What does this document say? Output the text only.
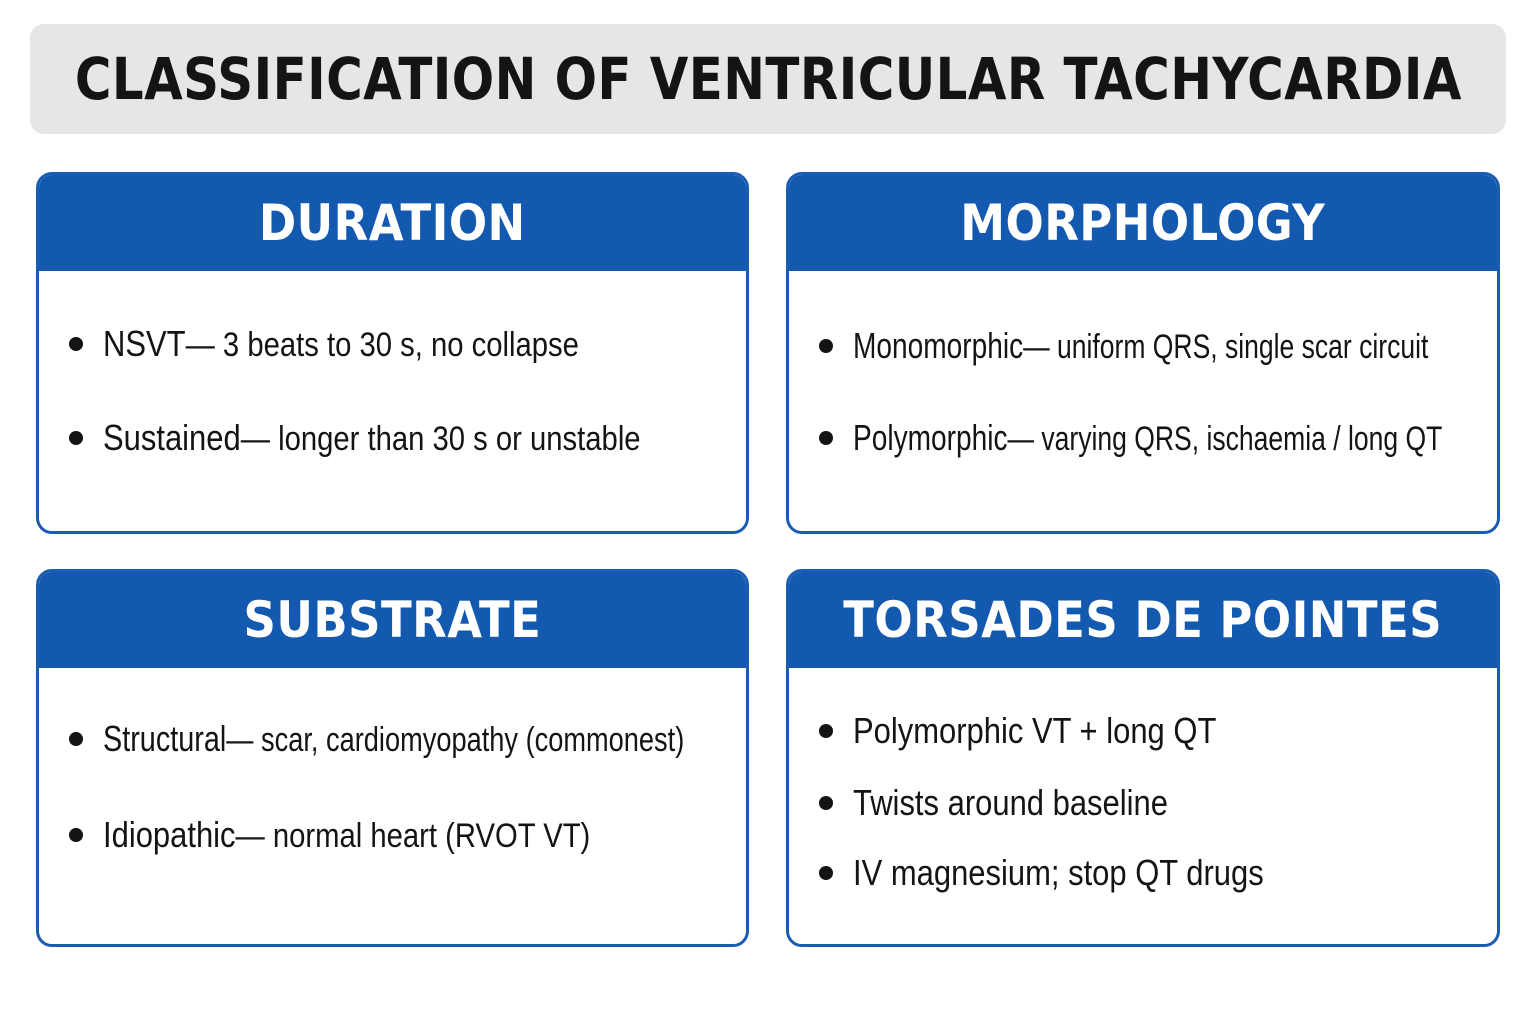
CLASSIFICATION OF VENTRICULAR TACHYCARDIA
DURATION
NSVT— 3 beats to 30 s, no collapse
Sustained— longer than 30 s or unstable
MORPHOLOGY
Monomorphic— uniform QRS, single scar circuit
Polymorphic— varying QRS, ischaemia / long QT
SUBSTRATE
Structural— scar, cardiomyopathy (commonest)
Idiopathic— normal heart (RVOT VT)
TORSADES DE POINTES
Polymorphic VT + long QT
Twists around baseline
IV magnesium; stop QT drugs
